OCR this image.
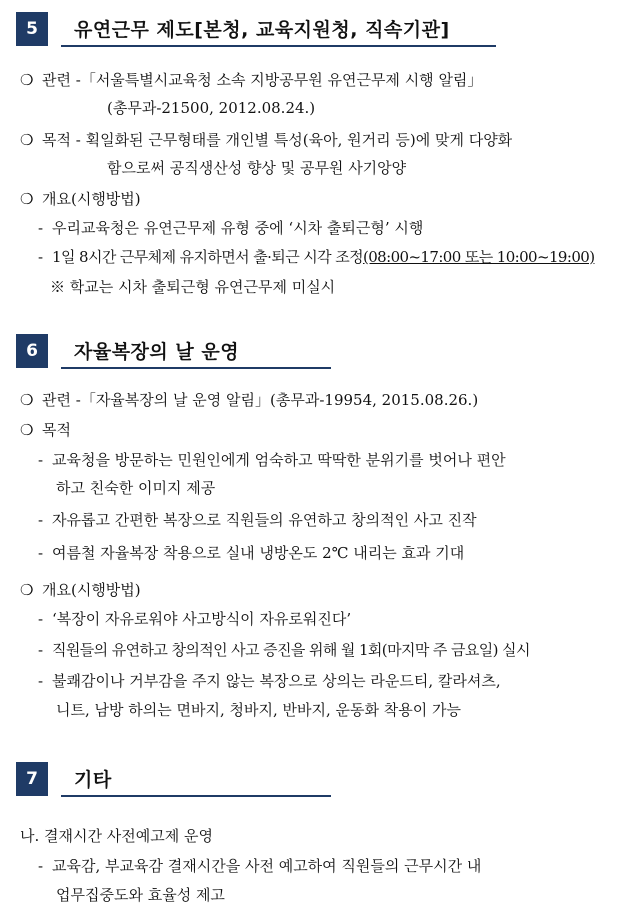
5	유연근무 제도[본청, 교육지원청, 직속기관]
❍ 관련 -「서울특별시교육청 소속 지방공무원 유연근무제 시행 알림」
(총무과-21500, 2012.08.24.)
❍ 목적 - 획일화된 근무형태를 개인별 특성(육아, 원거리 등)에 맞게 다양화
함으로써 공직생산성 향상 및 공무원 사기앙양
❍ 개요(시행방법)
- 우리교육청은 유연근무제 유형 중에 ‘시차 출퇴근형’ 시행
- 1일 8시간 근무체제 유지하면서 출·퇴근 시각 조정(08:00~17:00 또는 10:00~19:00)
※ 학교는 시차 출퇴근형 유연근무제 미실시
6	자율복장의 날 운영
❍ 관련 -「자율복장의 날 운영 알림」(총무과-19954, 2015.08.26.)
❍ 목적
- 교육청을 방문하는 민원인에게 엄숙하고 딱딱한 분위기를 벗어나 편안
하고 친숙한 이미지 제공
- 자유롭고 간편한 복장으로 직원들의 유연하고 창의적인 사고 진작
- 여름철 자율복장 착용으로 실내 냉방온도 2℃ 내리는 효과 기대
❍ 개요(시행방법)
- ‘복장이 자유로워야 사고방식이 자유로워진다’
- 직원들의 유연하고 창의적인 사고 증진을 위해 월 1회(마지막 주 금요일) 실시
- 불쾌감이나 거부감을 주지 않는 복장으로 상의는 라운드티, 칼라셔츠,
니트, 남방 하의는 면바지, 청바지, 반바지, 운동화 착용이 가능
7	기타
나. 결재시간 사전예고제 운영
- 교육감, 부교육감 결재시간을 사전 예고하여 직원들의 근무시간 내
업무집중도와 효율성 제고
